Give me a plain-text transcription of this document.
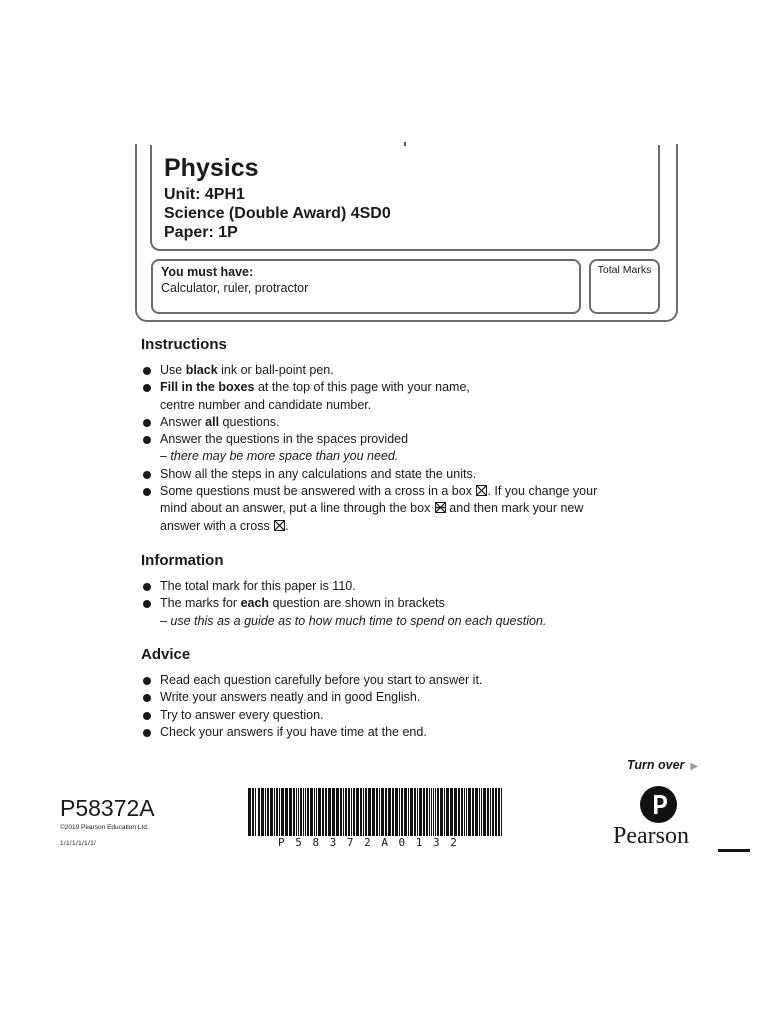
Physics
Unit: 4PH1
Science (Double Award) 4SD0
Paper: 1P
You must have:
Calculator, ruler, protractor
Total Marks
Instructions
Use black ink or ball-point pen.
Fill in the boxes at the top of this page with your name,
centre number and candidate number.
Answer all questions.
Answer the questions in the spaces provided
– there may be more space than you need.
Show all the steps in any calculations and state the units.
Some questions must be answered with a cross in a box ☒. If you change your
mind about an answer, put a line through the box
and then mark your new
answer with a cross ☒.
Information
The total mark for this paper is 110.
The marks for each question are shown in brackets
– use this as a guide as to how much time to spend on each question.
Advice
Read each question carefully before you start to answer it.
Write your answers neatly and in good English.
Try to answer every question.
Check your answers if you have time at the end.
Turn over ▶
P58372A
©2019 Pearson Education Ltd.
1/1/1/1/1/1/	P58372A0132	Pearson
